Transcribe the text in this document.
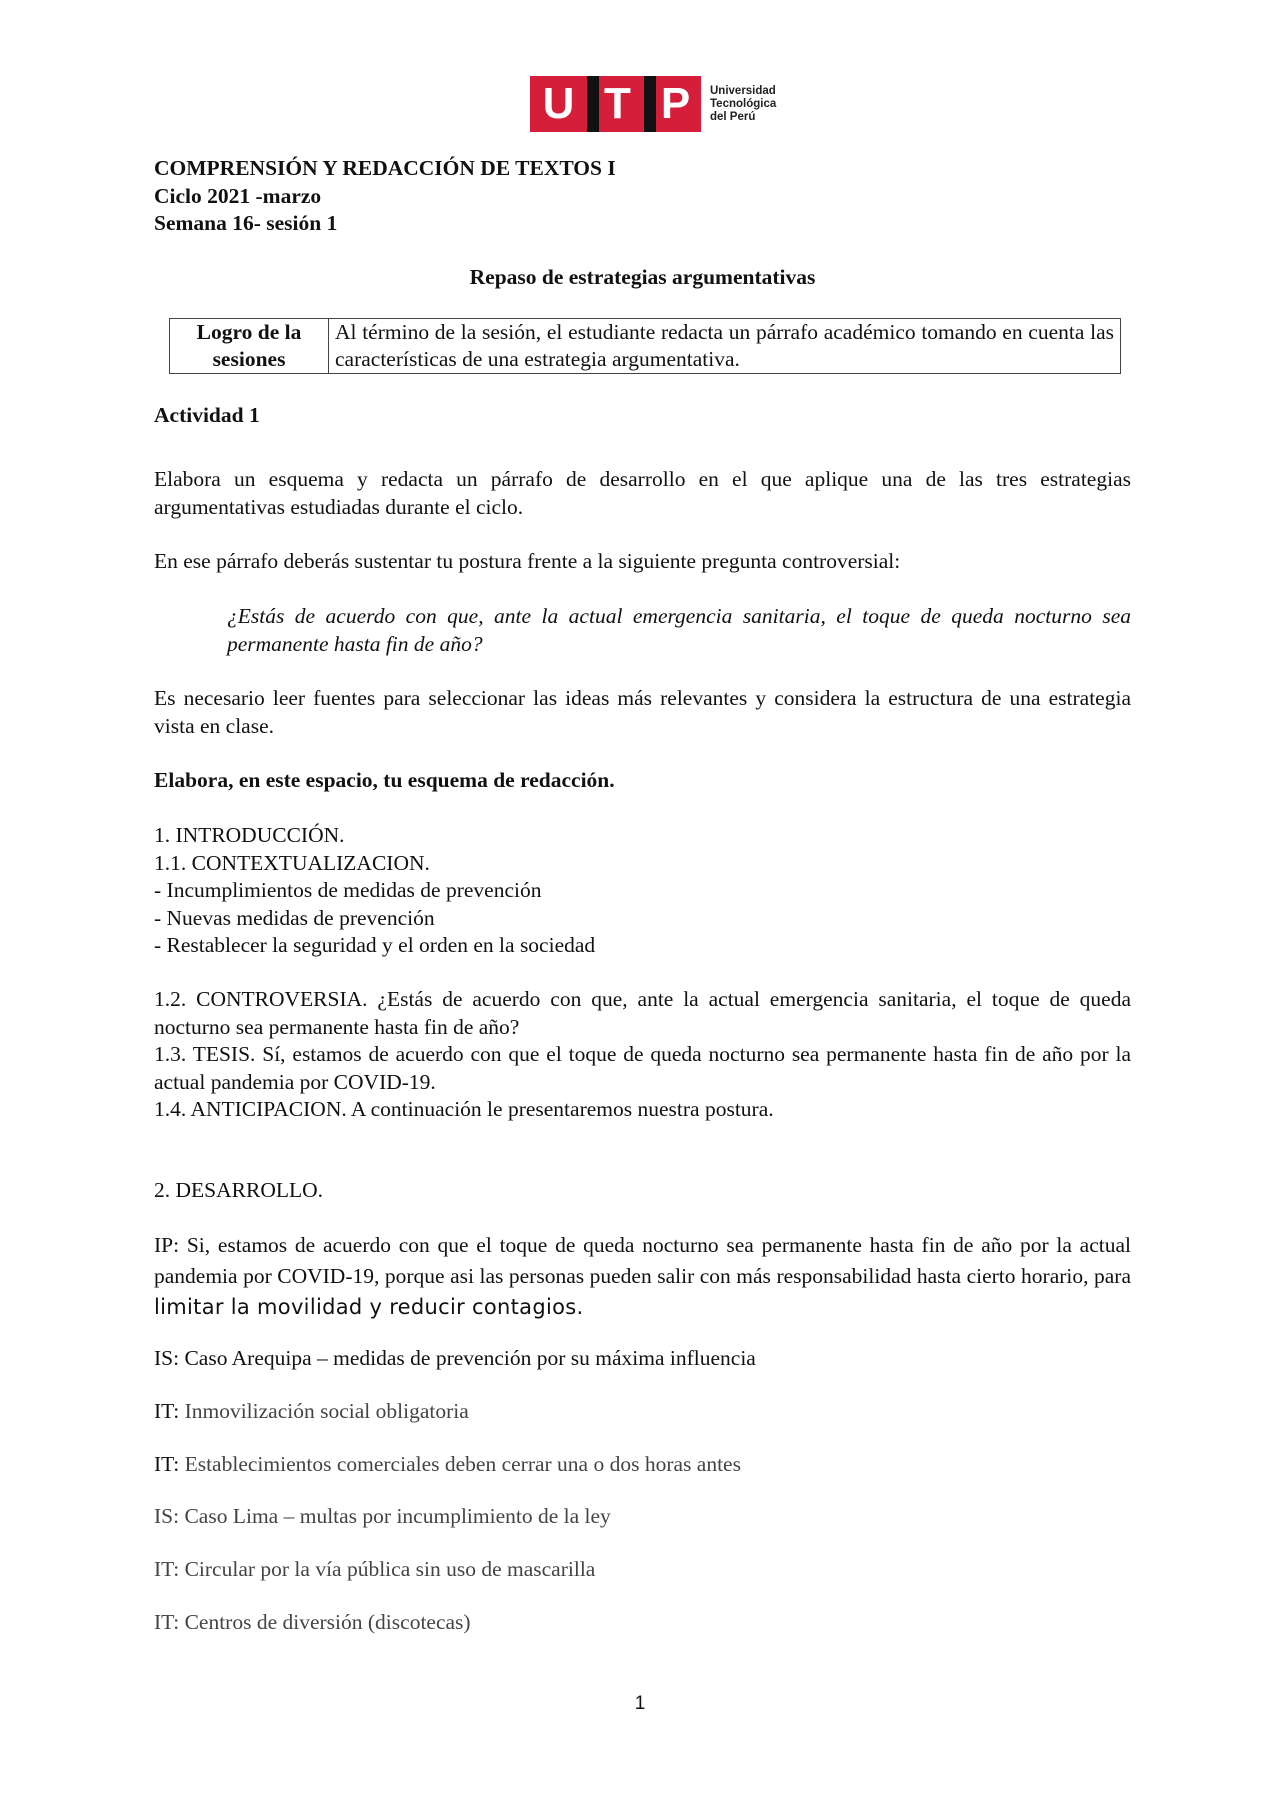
U T P Universidad
Tecnológica
del Perú
COMPRENSIÓN Y REDACCIÓN DE TEXTOS I
Ciclo 2021 -marzo
Semana 16- sesión 1
Repaso de estrategias argumentativas
Logro de la sesiones	Al término de la sesión, el estudiante redacta un párrafo académico tomando en cuenta las características de una estrategia argumentativa.
Actividad 1
Elabora un esquema y redacta un párrafo de desarrollo en el que aplique una de las tres estrategias argumentativas estudiadas durante el ciclo.
En ese párrafo deberás sustentar tu postura frente a la siguiente pregunta controversial:
¿Estás de acuerdo con que, ante la actual emergencia sanitaria, el toque de queda nocturno sea permanente hasta fin de año?
Es necesario leer fuentes para seleccionar las ideas más relevantes y considera la estructura de una estrategia vista en clase.
Elabora, en este espacio, tu esquema de redacción.
1. INTRODUCCIÓN.
1.1. CONTEXTUALIZACION.
- Incumplimientos de medidas de prevención
- Nuevas medidas de prevención
- Restablecer la seguridad y el orden en la sociedad
1.2. CONTROVERSIA. ¿Estás de acuerdo con que, ante la actual emergencia sanitaria, el toque de queda nocturno sea permanente hasta fin de año?
1.3. TESIS. Sí, estamos de acuerdo con que el toque de queda nocturno sea permanente hasta fin de año por la actual pandemia por COVID-19.
1.4. ANTICIPACION. A continuación le presentaremos nuestra postura.
2. DESARROLLO.
IP: Si, estamos de acuerdo con que el toque de queda nocturno sea permanente hasta fin de año por la actual pandemia por COVID-19, porque asi las personas pueden salir con más responsabilidad hasta cierto horario, para limitar la movilidad y reducir contagios.
IS: Caso Arequipa – medidas de prevención por su máxima influencia
IT: Inmovilización social obligatoria
IT: Establecimientos comerciales deben cerrar una o dos horas antes
IS: Caso Lima – multas por incumplimiento de la ley
IT: Circular por la vía pública sin uso de mascarilla
IT: Centros de diversión (discotecas)
1
